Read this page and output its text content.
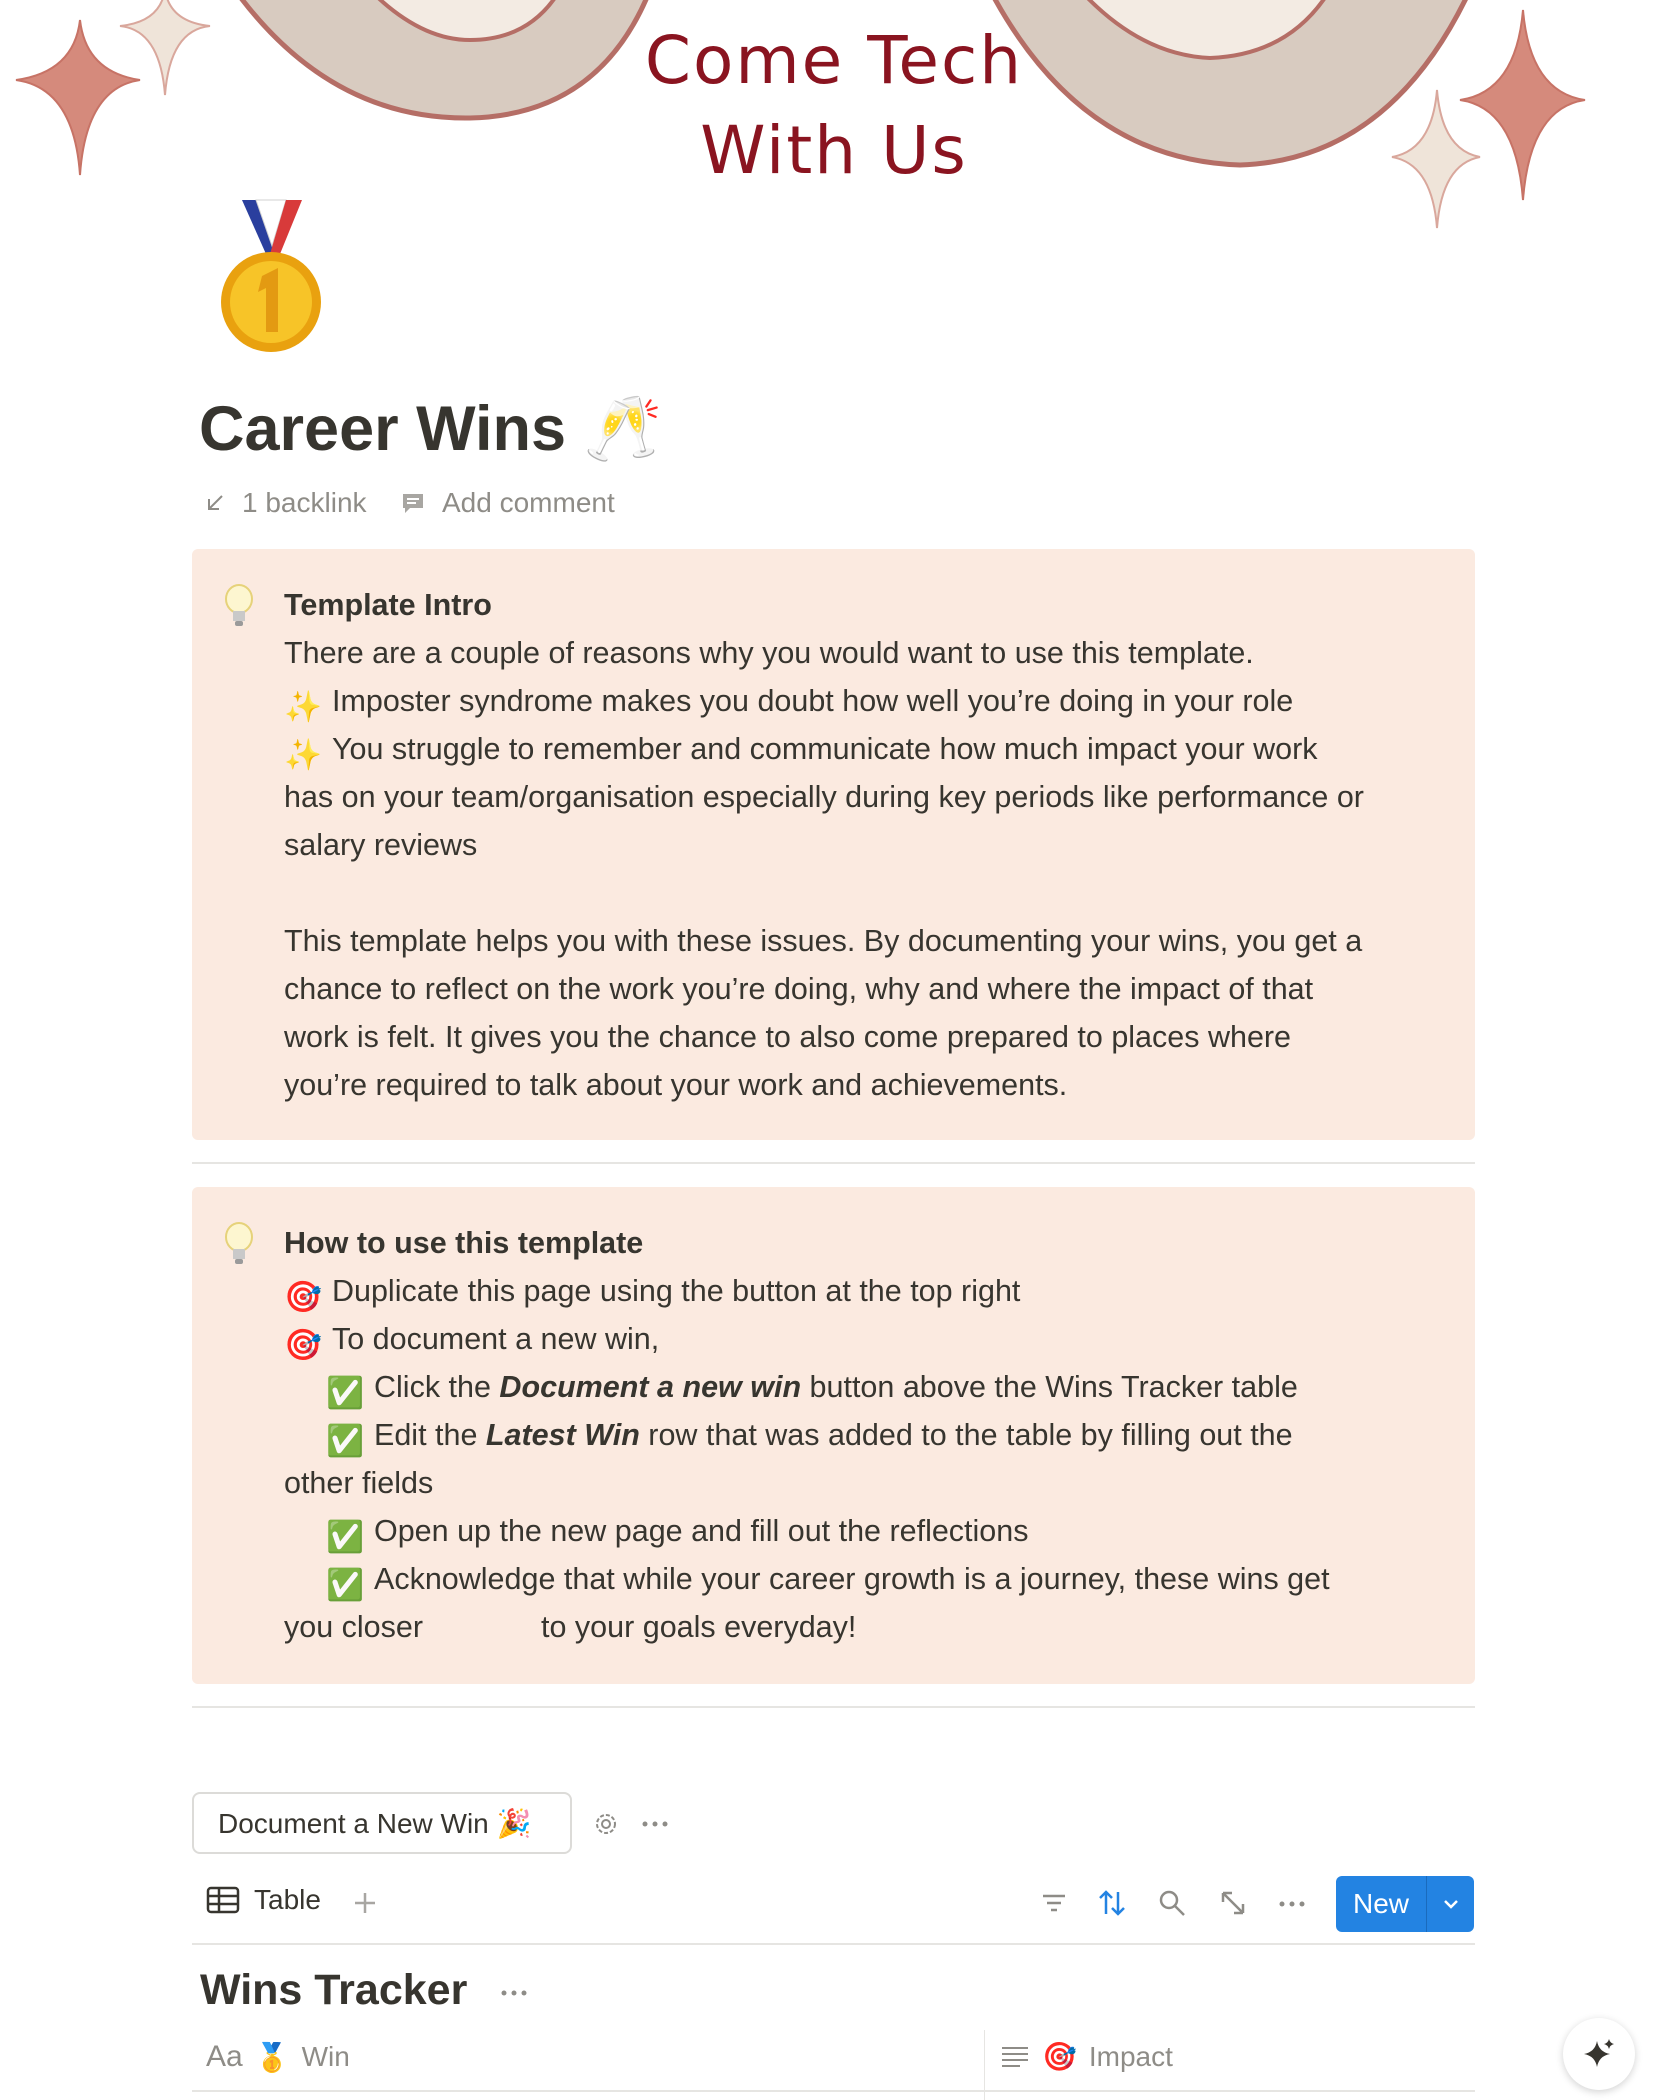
Come Tech
With Us
Career Wins 🥂
1 backlink	Add comment
Template Intro
There are a couple of reasons why you would want to use this template.
✨ Imposter syndrome makes you doubt how well you’re doing in your role
✨ You struggle to remember and communicate how much impact your work
has on your team/organisation especially during key periods like performance or
salary reviews
This template helps you with these issues. By documenting your wins, you get a
chance to reflect on the work you’re doing, why and where the impact of that
work is felt. It gives you the chance to also come prepared to places where
you’re required to talk about your work and achievements.
How to use this template
🎯 Duplicate this page using the button at the top right
🎯 To document a new win,
✅ Click the Document a new win button above the Wins Tracker table
✅ Edit the Latest Win row that was added to the table by filling out the
other fields
✅ Open up the new page and fill out the reflections
✅ Acknowledge that while your career growth is a journey, these wins get
you closer	to your goals everyday!
Document a New Win 🎉
Table	New
Wins Tracker
Aa 🥇 Win	🎯 Impact
